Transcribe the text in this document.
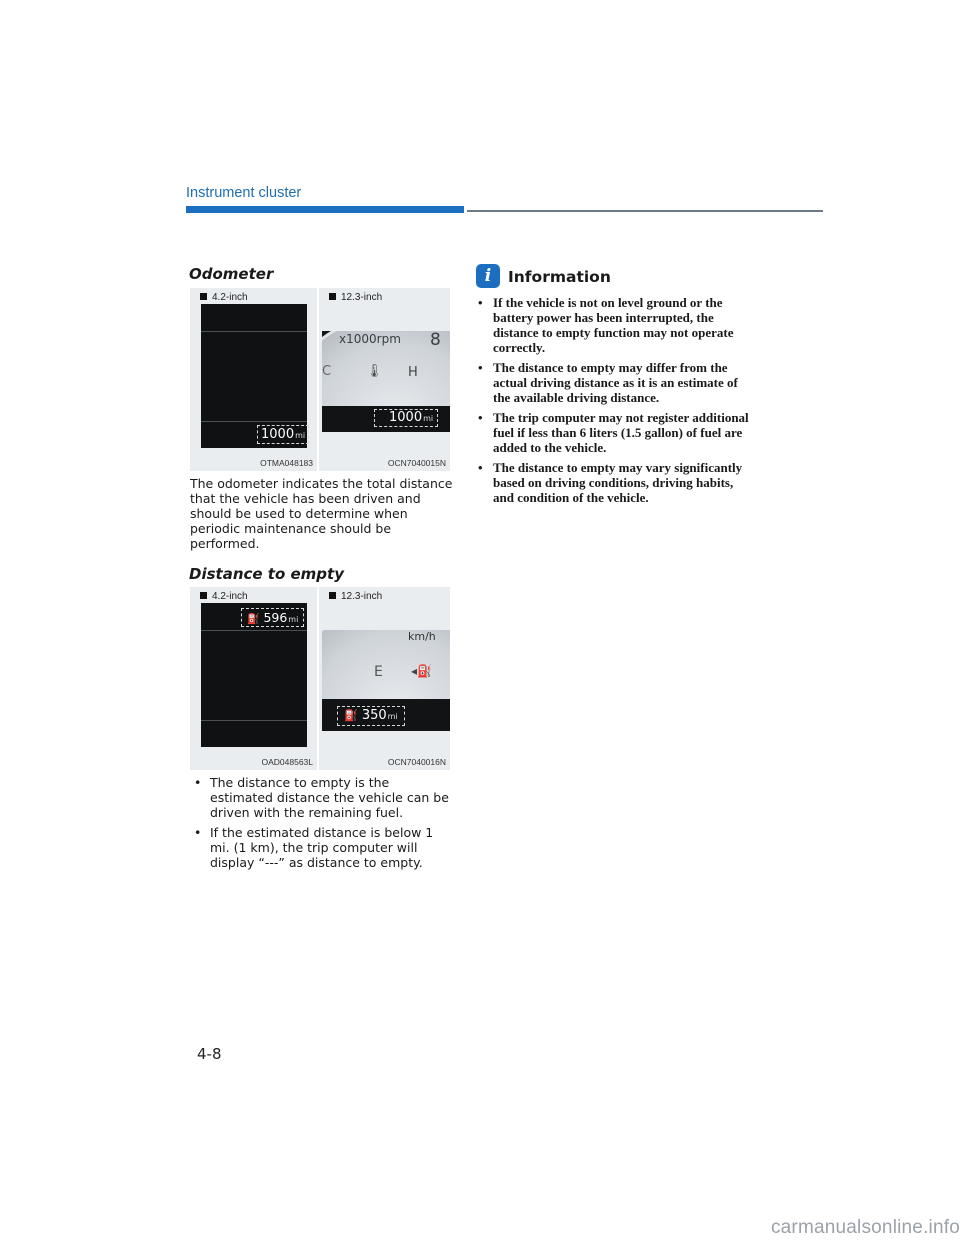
Instrument cluster
Odometer
4.2-inch
1000mi
OTMA048183
12.3-inch
x1000rpm 8
C	🌡 H
1000mi
OCN7040015N
The odometer indicates the total distance that the vehicle has been driven and should be used to determine when periodic maintenance should be performed.
Distance to empty
4.2-inch
⛽ 596mi
OAD048563L
12.3-inch
km/h
E ◂⛽
⛽ 350mi
OCN7040016N
• The distance to empty is the estimated distance the vehicle can be driven with the remaining fuel.
• If the estimated distance is below 1 mi. (1 km), the trip computer will display “---” as distance to empty.
i	Information
• If the vehicle is not on level ground or the battery power has been interrupted, the distance to empty function may not operate correctly.
• The distance to empty may differ from the actual driving distance as it is an estimate of the available driving distance.
• The trip computer may not register additional fuel if less than 6 liters (1.5 gallon) of fuel are added to the vehicle.
• The distance to empty may vary significantly based on driving conditions, driving habits, and condition of the vehicle.
4-8
carmanualsonline.info
